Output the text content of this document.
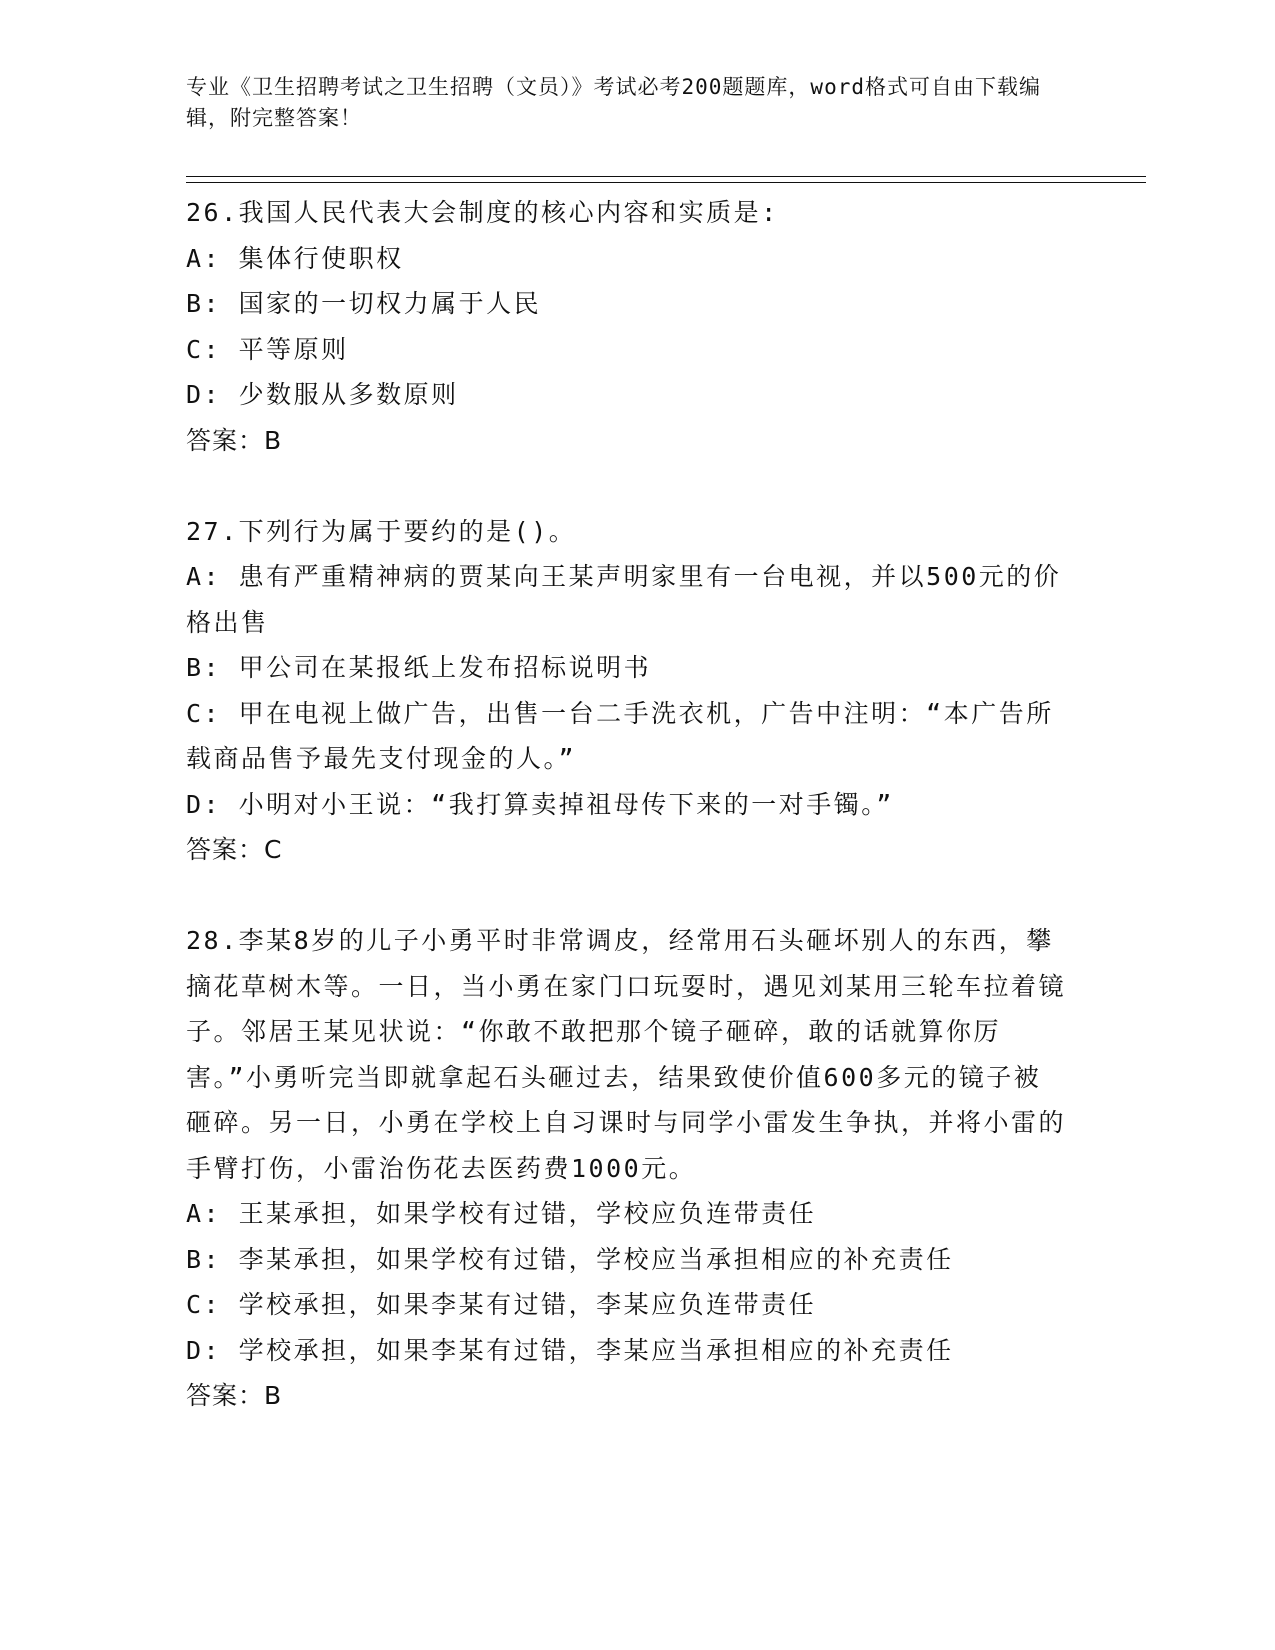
专业《卫生招聘考试之卫生招聘（文员）》考试必考200题题库，word格式可自由下载编辑，附完整答案！
26.我国人民代表大会制度的核心内容和实质是:
A: 集体行使职权
B: 国家的一切权力属于人民
C: 平等原则
D: 少数服从多数原则
答案：B
27.下列行为属于要约的是()。
A: 患有严重精神病的贾某向王某声明家里有一台电视，并以500元的价格出售
B: 甲公司在某报纸上发布招标说明书
C: 甲在电视上做广告，出售一台二手洗衣机，广告中注明：“本广告所载商品售予最先支付现金的人。”
D: 小明对小王说：“我打算卖掉祖母传下来的一对手镯。”
答案：C
28.李某8岁的儿子小勇平时非常调皮，经常用石头砸坏别人的东西，攀摘花草树木等。一日，当小勇在家门口玩耍时，遇见刘某用三轮车拉着镜子。邻居王某见状说：“你敢不敢把那个镜子砸碎，敢的话就算你厉害。”小勇听完当即就拿起石头砸过去，结果致使价值600多元的镜子被砸碎。另一日，小勇在学校上自习课时与同学小雷发生争执，并将小雷的手臂打伤，小雷治伤花去医药费1000元。
A: 王某承担，如果学校有过错，学校应负连带责任
B: 李某承担，如果学校有过错，学校应当承担相应的补充责任
C: 学校承担，如果李某有过错，李某应负连带责任
D: 学校承担，如果李某有过错，李某应当承担相应的补充责任
答案：B
